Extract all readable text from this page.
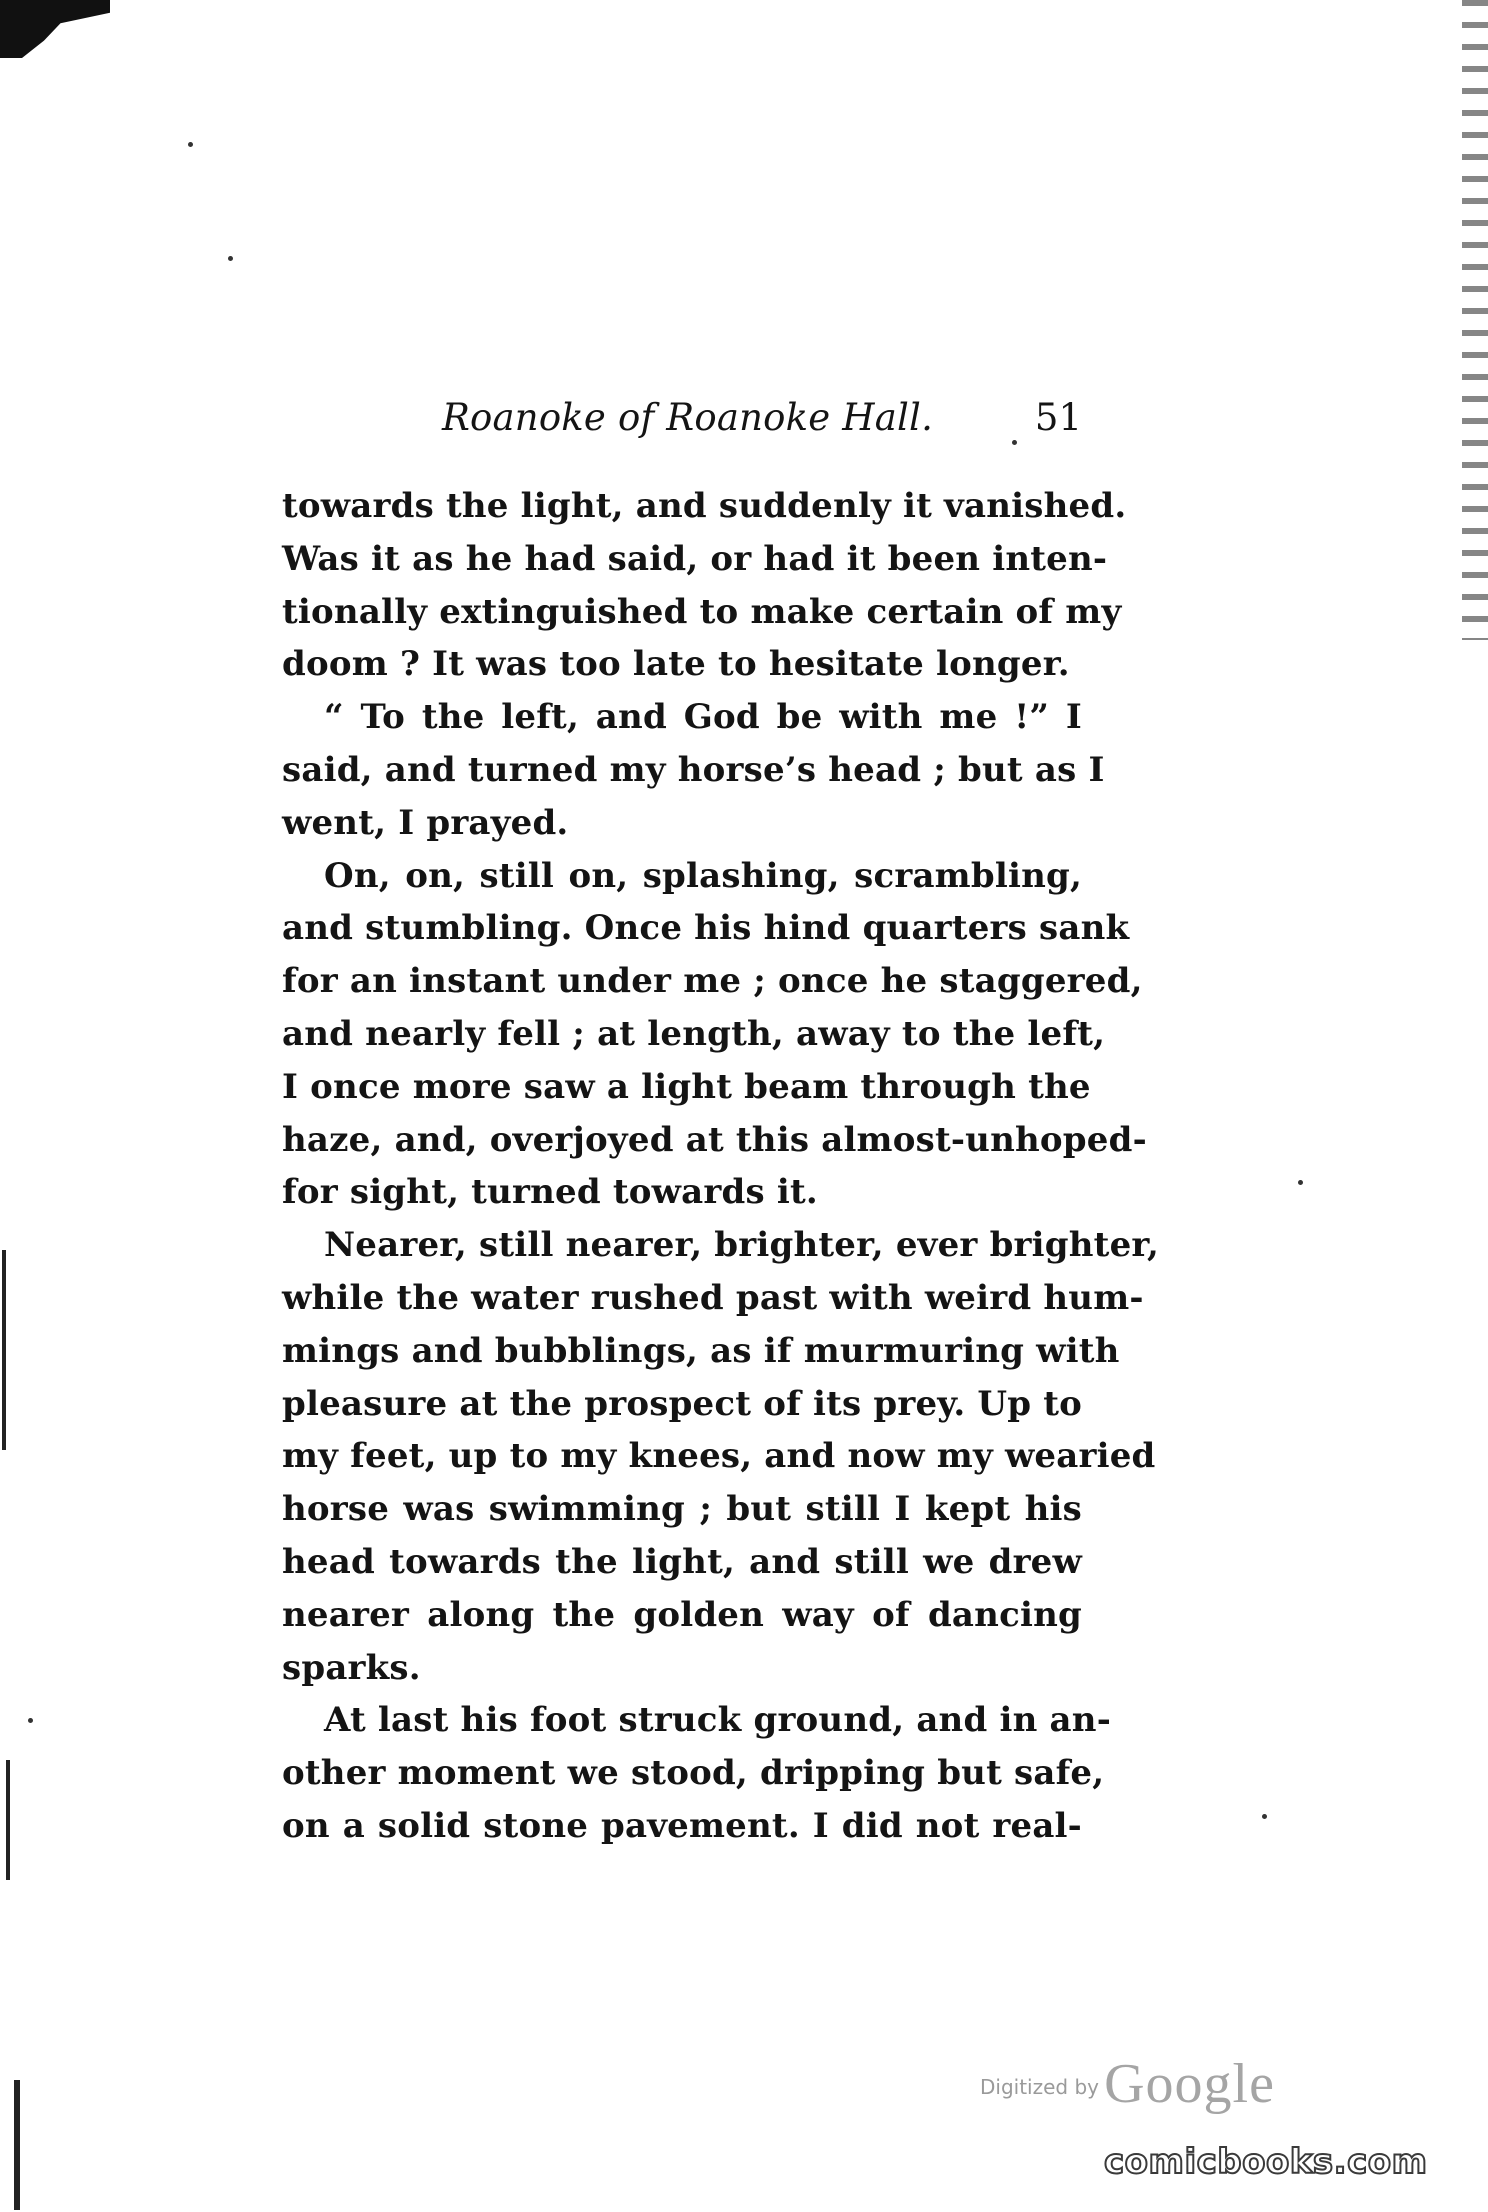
Roanoke of Roanoke Hall.	51
towards the light, and suddenly it vanished.
Was it as he had said, or had it been inten-
tionally extinguished to make certain of my
doom ? It was too late to hesitate longer.
“ To the left, and God be with me !” I
said, and turned my horse’s head ; but as I
went, I prayed.
On, on, still on, splashing, scrambling,
and stumbling. Once his hind quarters sank
for an instant under me ; once he staggered,
and nearly fell ; at length, away to the left,
I once more saw a light beam through the
haze, and, overjoyed at this almost-unhoped-
for sight, turned towards it.
Nearer, still nearer, brighter, ever brighter,
while the water rushed past with weird hum-
mings and bubblings, as if murmuring with
pleasure at the prospect of its prey. Up to
my feet, up to my knees, and now my wearied
horse was swimming ; but still I kept his
head towards the light, and still we drew
nearer along the golden way of dancing
sparks.
At last his foot struck ground, and in an-
other moment we stood, dripping but safe,
on a solid stone pavement. I did not real-
Digitized by Google
comicbooks.com
